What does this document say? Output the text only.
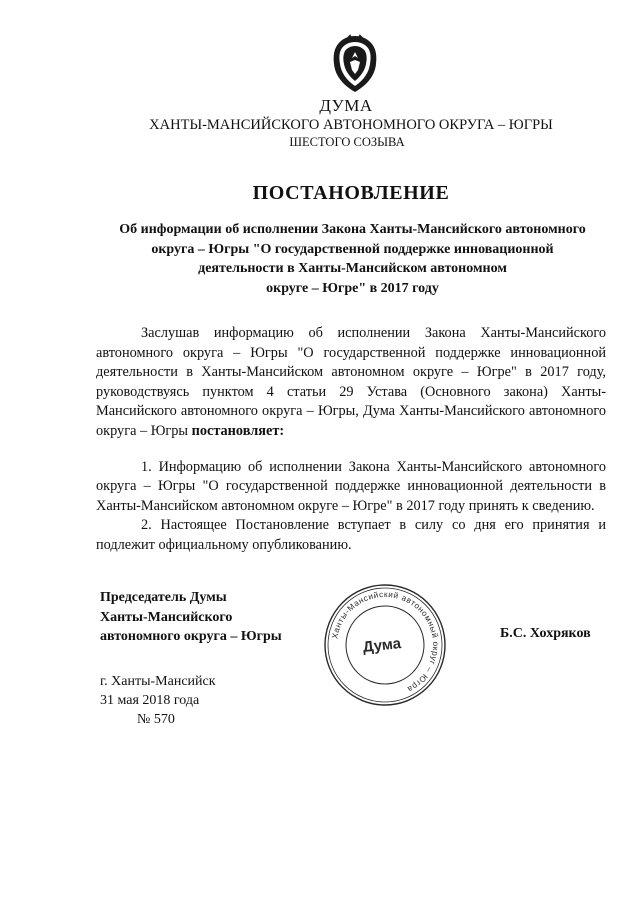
ДУМА
ХАНТЫ-МАНСИЙСКОГО АВТОНОМНОГО ОКРУГА – ЮГРЫ
ШЕСТОГО СОЗЫВА
ПОСТАНОВЛЕНИЕ
Об информации об исполнении Закона Ханты-Мансийского автономного
округа – Югры "О государственной поддержке инновационной
деятельности в Ханты-Мансийском автономном
округе – Югре" в 2017 году

Заслушав информацию об исполнении Закона Ханты-Мансийского автономного округа – Югры "О государственной поддержке инновационной деятельности в Ханты-Мансийском автономном округе – Югре" в 2017 году, руководствуясь пунктом 4 статьи 29 Устава (Основного закона) Ханты-Мансийского автономного округа – Югры, Дума Ханты-Мансийского автономного округа – Югры постановляет:

1. Информацию об исполнении Закона Ханты-Мансийского автономного округа – Югры "О государственной поддержке инновационной деятельности в Ханты-Мансийском автономном округе – Югре" в 2017 году принять к сведению.

2. Настоящее Постановление вступает в силу со дня его принятия и подлежит официальному опубликованию.

Председатель Думы
Ханты-Мансийского
автономного округа – Югры	Ханты-Мансийский автономный округ – Югра
Дума
Б.С. Хохряков
г. Ханты-Мансийск
31 мая 2018 года
№ 570
